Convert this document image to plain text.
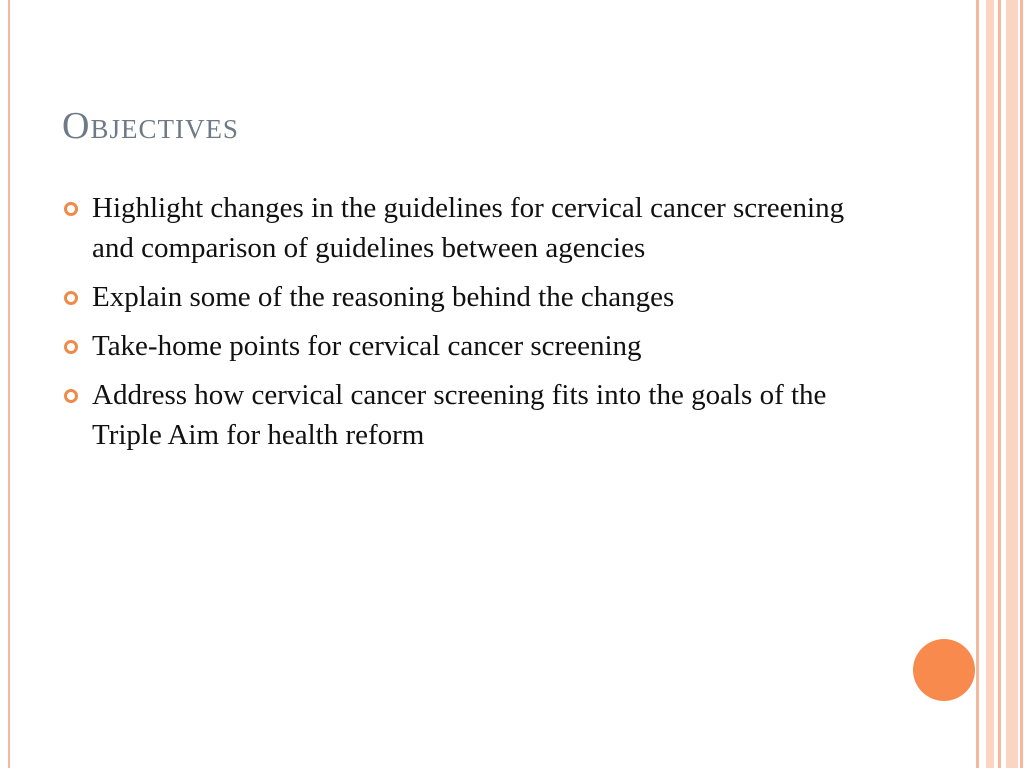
Objectives
Highlight changes in the guidelines for cervical cancer screening and comparison of guidelines between agencies
Explain some of the reasoning behind the changes
Take-home points for cervical cancer screening
Address how cervical cancer screening fits into the goals of the Triple Aim for health reform
